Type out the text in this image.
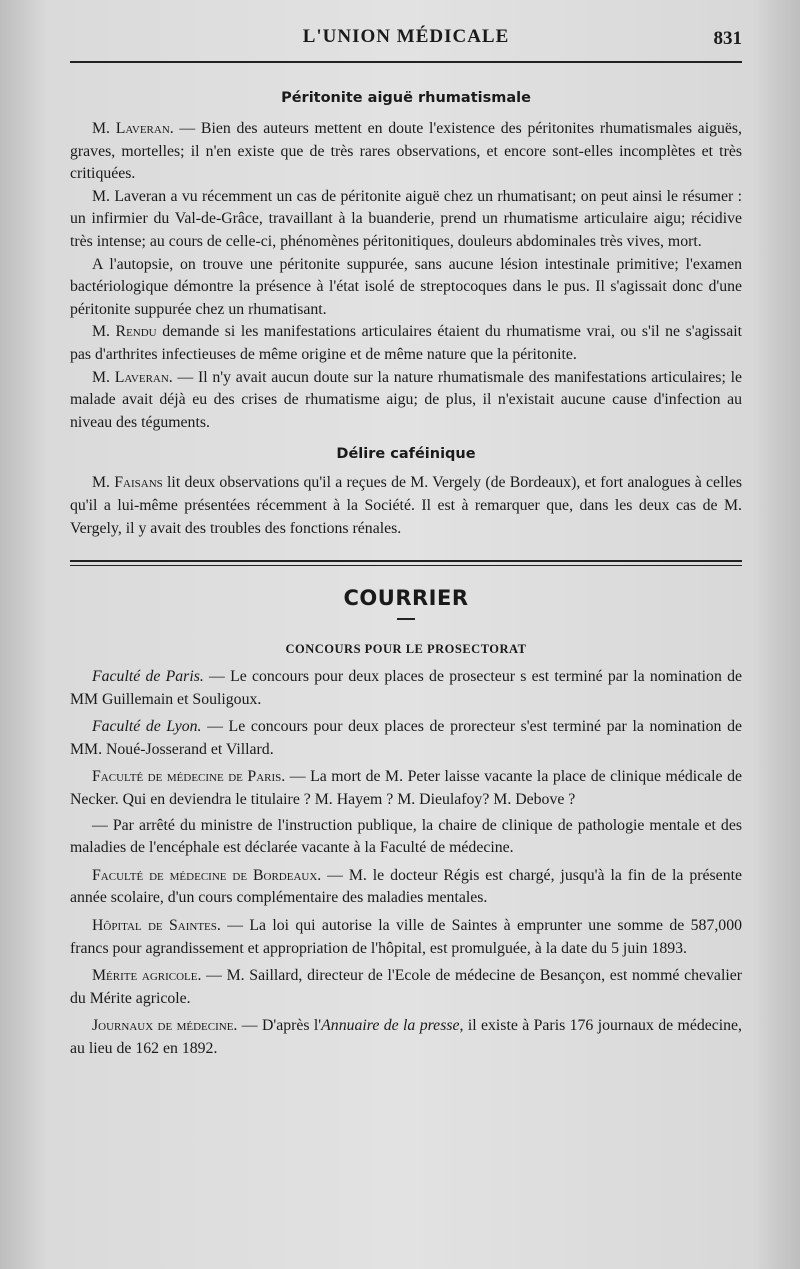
L'UNION MÉDICALE	831
Péritonite aiguë rhumatismale

M. Laveran. — Bien des auteurs mettent en doute l'existence des péritonites rhumatismales aiguës, graves, mortelles; il n'en existe que de très rares observations, et encore sont-elles incomplètes et très critiquées.

M. Laveran a vu récemment un cas de péritonite aiguë chez un rhumatisant; on peut ainsi le résumer : un infirmier du Val-de-Grâce, travaillant à la buanderie, prend un rhumatisme articulaire aigu; récidive très intense; au cours de celle-ci, phénomènes péritonitiques, douleurs abdominales très vives, mort.

A l'autopsie, on trouve une péritonite suppurée, sans aucune lésion intestinale primitive; l'examen bactériologique démontre la présence à l'état isolé de streptocoques dans le pus. Il s'agissait donc d'une péritonite suppurée chez un rhumatisant.

M. Rendu demande si les manifestations articulaires étaient du rhumatisme vrai, ou s'il ne s'agissait pas d'arthrites infectieuses de même origine et de même nature que la péritonite.

M. Laveran. — Il n'y avait aucun doute sur la nature rhumatismale des manifestations articulaires; le malade avait déjà eu des crises de rhumatisme aigu; de plus, il n'existait aucune cause d'infection au niveau des téguments.

Délire caféinique

M. Faisans lit deux observations qu'il a reçues de M. Vergely (de Bordeaux), et fort analogues à celles qu'il a lui-même présentées récemment à la Société. Il est à remarquer que, dans les deux cas de M. Vergely, il y avait des troubles des fonctions rénales.

COURRIER
CONCOURS POUR LE PROSECTORAT

Faculté de Paris. — Le concours pour deux places de prosecteur s est terminé par la nomination de MM Guillemain et Souligoux.

Faculté de Lyon. — Le concours pour deux places de prorecteur s'est terminé par la nomination de MM. Noué-Josserand et Villard.

Faculté de médecine de Paris. — La mort de M. Peter laisse vacante la place de clinique médicale de Necker. Qui en deviendra le titulaire ? M. Hayem ? M. Dieulafoy? M. Debove ?

— Par arrêté du ministre de l'instruction publique, la chaire de clinique de pathologie mentale et des maladies de l'encéphale est déclarée vacante à la Faculté de médecine.

Faculté de médecine de Bordeaux. — M. le docteur Régis est chargé, jusqu'à la fin de la présente année scolaire, d'un cours complémentaire des maladies mentales.

Hôpital de Saintes. — La loi qui autorise la ville de Saintes à emprunter une somme de 587,000 francs pour agrandissement et appropriation de l'hôpital, est promulguée, à la date du 5 juin 1893.

Mérite agricole. — M. Saillard, directeur de l'Ecole de médecine de Besançon, est nommé chevalier du Mérite agricole.

Journaux de médecine. — D'après l'Annuaire de la presse, il existe à Paris 176 journaux de médecine, au lieu de 162 en 1892.
